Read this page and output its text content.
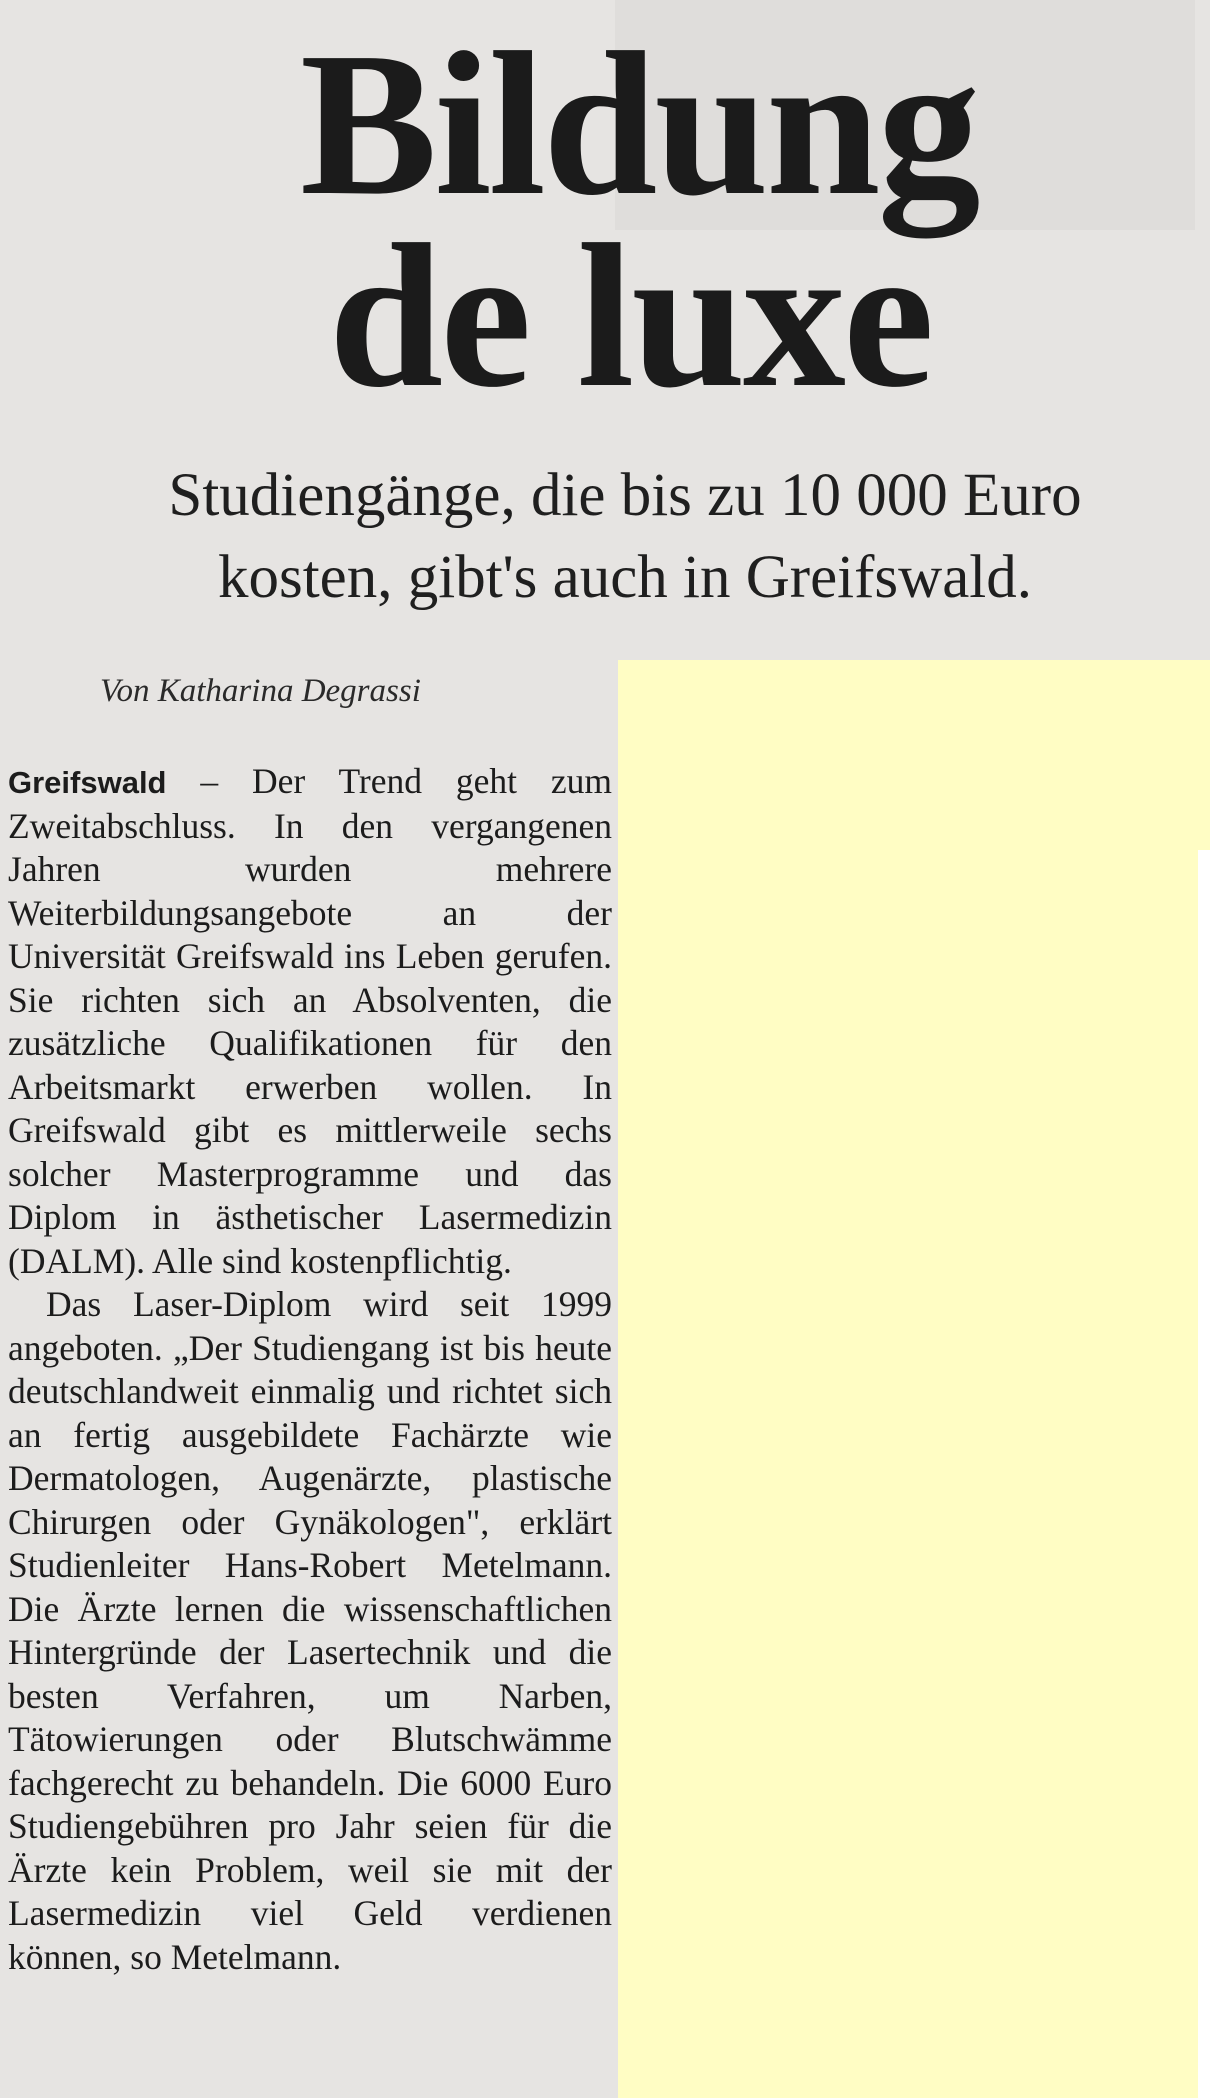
Bildung
de luxe
Studiengänge, die bis zu 10 000 Euro
kosten, gibt's auch in Greifswald.
Von Katharina Degrassi

Greifswald – Der Trend geht zum Zweitabschluss. In den vergangenen Jahren wurden mehrere Weiterbildungsangebote an der Universität Greifswald ins Leben gerufen. Sie richten sich an Absolventen, die zusätzliche Qualifikationen für den Arbeitsmarkt erwerben wollen. In Greifswald gibt es mittlerweile sechs solcher Masterprogramme und das Diplom in ästhetischer Lasermedizin (DALM). Alle sind kostenpflichtig.

Das Laser-Diplom wird seit 1999 angeboten. „Der Studiengang ist bis heute deutschlandweit einmalig und richtet sich an fertig ausgebildete Fachärzte wie Dermatologen, Augenärzte, plastische Chirurgen oder Gynäkologen", erklärt Studienleiter Hans-Robert Metelmann. Die Ärzte lernen die wissenschaftlichen Hintergründe der Lasertechnik und die besten Verfahren, um Narben, Tätowierungen oder Blutschwämme fachgerecht zu behandeln. Die 6000 Euro Studiengebühren pro Jahr seien für die Ärzte kein Problem, weil sie mit der Lasermedizin viel Geld verdienen können, so Metelmann.
